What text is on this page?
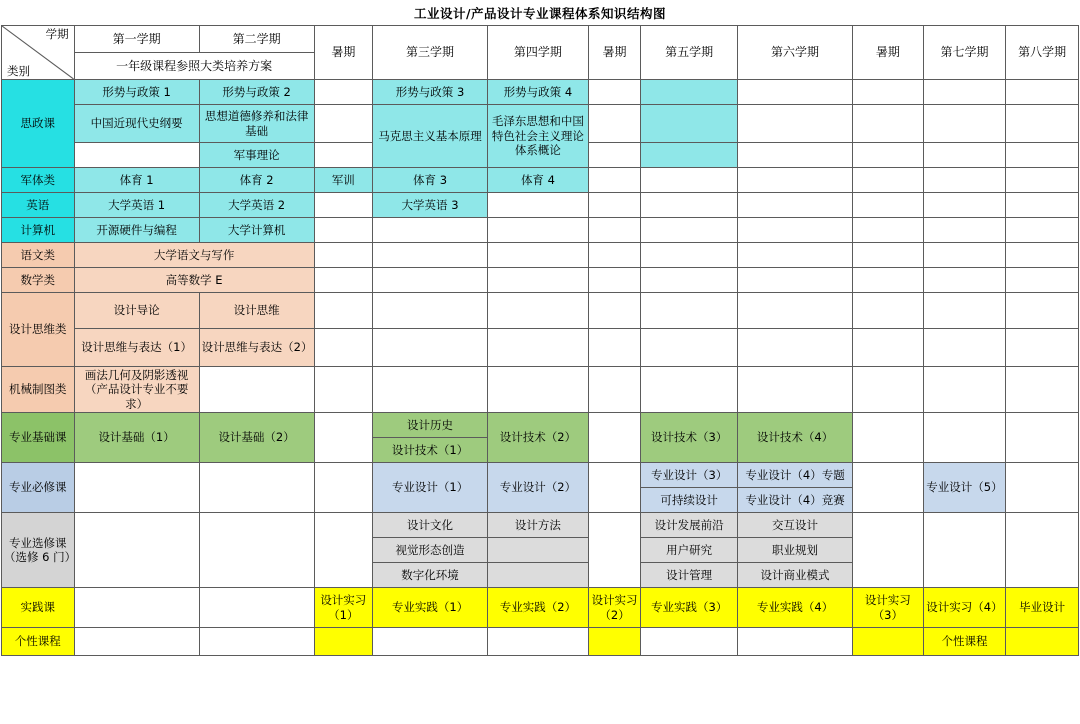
工业设计/产品设计专业课程体系知识结构图
学期
类别	第一学期	第二学期	暑期	第三学期	第四学期	暑期	第五学期	第六学期	暑期	第七学期	第八学期
	一年级课程参照大类培养方案										
思政课	形势与政策 1	形势与政策 2		形势与政策 3	形势与政策 4						
	中国近现代史纲要	思想道德修养和法律基础		马克思主义基本原理	毛泽东思想和中国特色社会主义理论体系概论						
		军事理论									
军体类	体育 1	体育 2	军训	体育 3	体育 4						
英语	大学英语 1	大学英语 2		大学英语 3							
计算机	开源硬件与编程	大学计算机									
语文类	大学语文与写作										
数学类	高等数学 E										
设计思维类	设计导论	设计思维									
	设计思维与表达（1）	设计思维与表达（2）									
机械制图类	画法几何及阴影透视（产品设计专业不要求）										
专业基础课	设计基础（1）	设计基础（2）		设计历史	设计技术（2）		设计技术（3）	设计技术（4）			
				设计技术（1）							
专业必修课				专业设计（1）	专业设计（2）		专业设计（3）	专业设计（4）专题		专业设计（5）	
							可持续设计	专业设计（4）竞赛			

专业选修课
（选修 6 门）				设计文化	设计方法		设计发展前沿	交互设计			
				视觉形态创造			用户研究	职业规划			
				数字化环境			设计管理	设计商业模式			
实践课			设计实习（1）	专业实践（1）	专业实践（2）	设计实习（2）	专业实践（3）	专业实践（4）	设计实习（3）	设计实习（4）	毕业设计
个性课程										个性课程	
